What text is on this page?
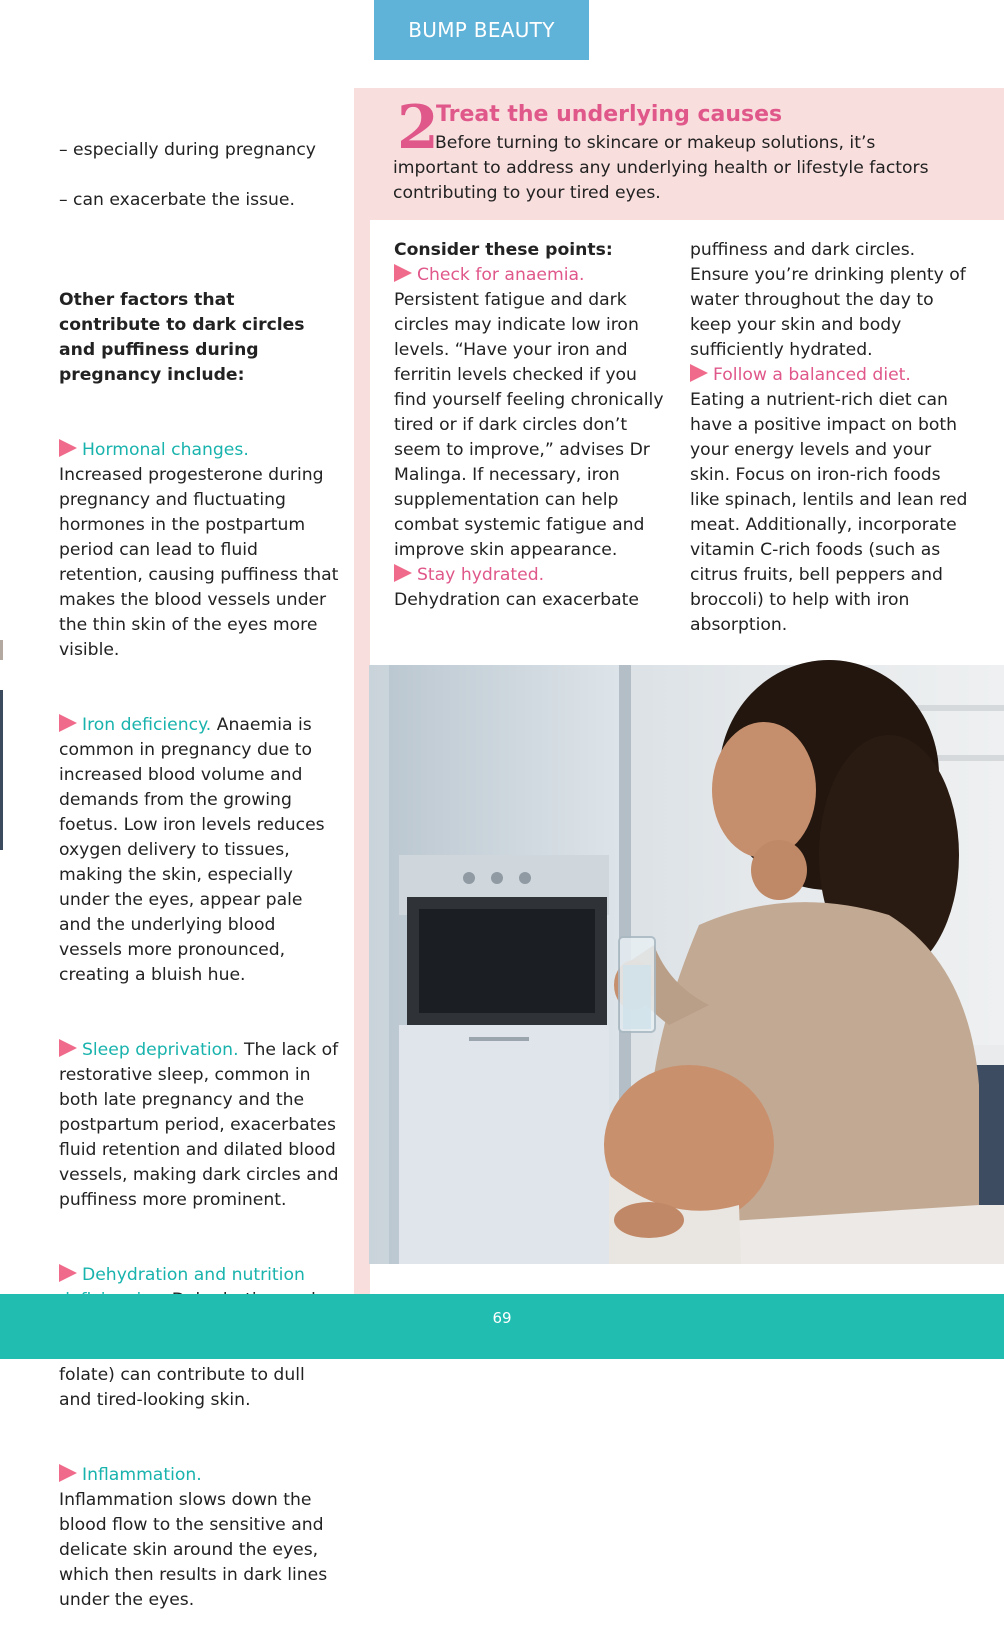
BUMP BEAUTY

– especially during pregnancy

– can exacerbate the issue.

Other factors that contribute to dark circles and puffiness during pregnancy include:

Hormonal changes.
Increased progesterone during pregnancy and fluctuating hormones in the postpartum period can lead to fluid retention, causing puffiness that makes the blood vessels under the thin skin of the eyes more visible.

Iron deficiency. Anaemia is common in pregnancy due to increased blood volume and demands from the growing foetus. Low iron levels reduces oxygen delivery to tissues, making the skin, especially under the eyes, appear pale and the underlying blood vessels more pronounced, creating a bluish hue.

Sleep deprivation. The lack of restorative sleep, common in both late pregnancy and the postpartum period, exacerbates fluid retention and dilated blood vessels, making dark circles and puffiness more prominent.

Dehydration and nutrition folate) can contribute to dull and tired-looking skin.

Inflammation.
Inflammation slows down the blood flow to the sensitive and delicate skin around the eyes, which then results in dark lines under the eyes.

2
Treat the underlying causes
Before turning to skincare or makeup solutions, it’s important to address any underlying health or lifestyle factors contributing to your tired eyes.

Consider these points:

Check for anaemia.
Persistent fatigue and dark circles may indicate low iron levels. “Have your iron and ferritin levels checked if you find yourself feeling chronically tired or if dark circles don’t seem to improve,” advises Dr Malinga. If necessary, iron supplementation can help combat systemic fatigue and improve skin appearance.

Stay hydrated.
Dehydration can exacerbate

puffiness and dark circles. Ensure you’re drinking plenty of water throughout the day to keep your skin and body sufficiently hydrated.

Follow a balanced diet.
Eating a nutrient-rich diet can have a positive impact on both your energy levels and your skin. Focus on iron-rich foods like spinach, lentils and lean red meat. Additionally, incorporate vitamin C-rich foods (such as citrus fruits, bell peppers and broccoli) to help with iron absorption.

69
